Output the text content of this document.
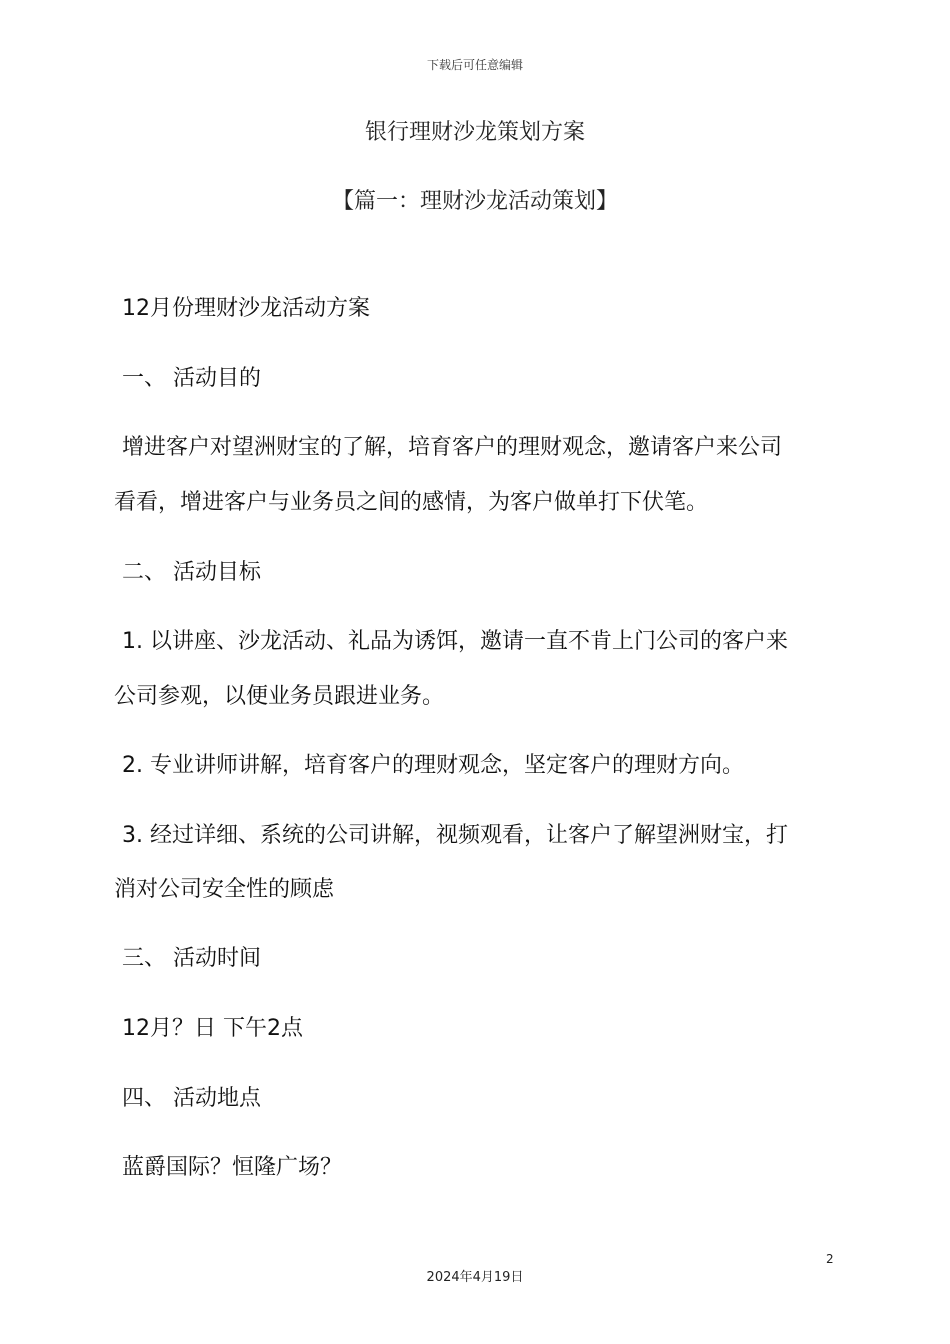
下载后可任意编辑
银行理财沙龙策划方案
【篇一：理财沙龙活动策划】
12月份理财沙龙活动方案
一、 活动目的
增进客户对望洲财宝的了解，培育客户的理财观念，邀请客户来公司
看看，增进客户与业务员之间的感情，为客户做单打下伏笔。
二、 活动目标
1. 以讲座、沙龙活动、礼品为诱饵，邀请一直不肯上门公司的客户来
公司参观，以便业务员跟进业务。
2. 专业讲师讲解，培育客户的理财观念，坚定客户的理财方向。
3. 经过详细、系统的公司讲解，视频观看，让客户了解望洲财宝，打
消对公司安全性的顾虑
三、 活动时间
12月？日 下午2点
四、 活动地点
蓝爵国际？恒隆广场？
2
2024年4月19日
